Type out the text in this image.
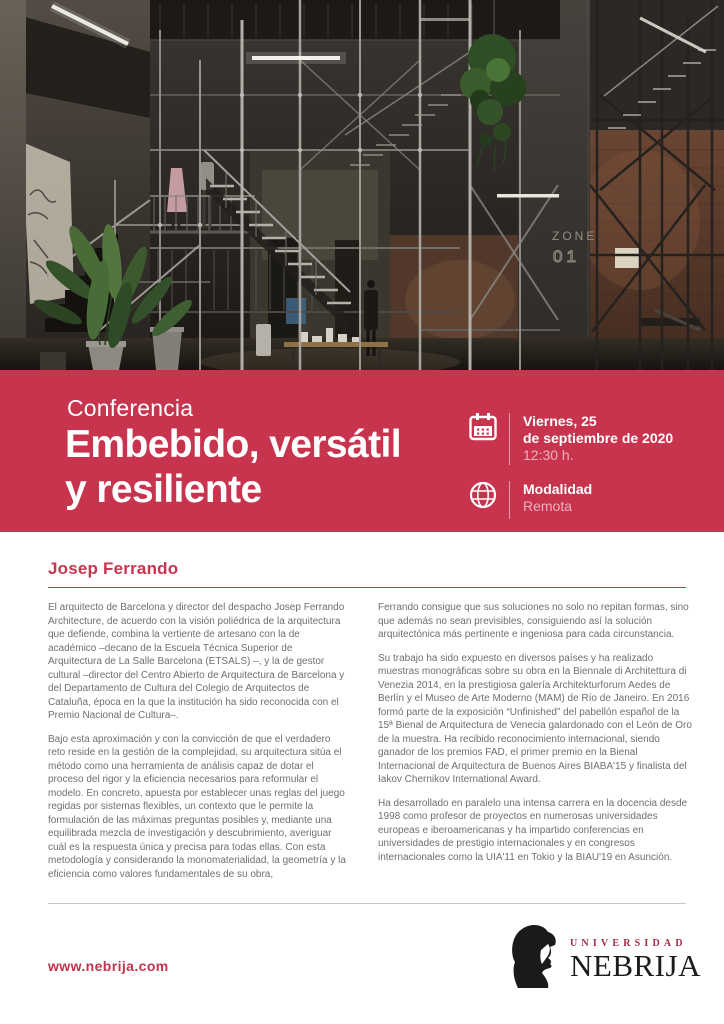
ZONE
01
Conferencia
Embebido, versátil
y resiliente
Viernes, 25
de septiembre de 2020
12:30 h.
Modalidad
Remota
Josep Ferrando

El arquitecto de Barcelona y director del despacho Josep Ferrando Architecture, de acuerdo con la visión poliédrica de la arquitectura que defiende, combina la vertiente de artesano con la de académico –decano de la Escuela Técnica Superior de Arquitectura de La Salle Barcelona (ETSALS) –, y la de gestor cultural –director del Centro Abierto de Arquitectura de Barcelona y del Departamento de Cultura del Colegio de Arquitectos de Cataluña, época en la que la institución ha sido reconocida con el Premio Nacional de Cultura–.

Bajo esta aproximación y con la convicción de que el verdadero reto reside en la gestión de la complejidad, su arquitectura sitúa el método como una herramienta de análisis capaz de dotar el proceso del rigor y la eficiencia necesarios para reformular el modelo. En concreto, apuesta por establecer unas reglas del juego regidas por sistemas flexibles, un contexto que le permite la formulación de las máximas preguntas posibles y, mediante una equilibrada mezcla de investigación y descubrimiento, averiguar cuál es la respuesta única y precisa para todas ellas. Con esta metodología y considerando la monomaterialidad, la geometría y la eficiencia como valores fundamentales de su obra,

Ferrando consigue que sus soluciones no solo no repitan formas, sino que además no sean previsibles, consiguiendo así la solución arquitectónica más pertinente e ingeniosa para cada circunstancia.

Su trabajo ha sido expuesto en diversos países y ha realizado muestras monográficas sobre su obra en la Biennale di Architettura di Venezia 2014, en la prestigiosa galería Architekturforum Aedes de Berlín y el Museo de Arte Moderno (MAM) de Río de Janeiro. En 2016 formó parte de la exposición “Unfinished” del pabellón español de la 15ª Bienal de Arquitectura de Venecia galardonado con el León de Oro de la muestra. Ha recibido reconocimiento internacional, siendo ganador de los premios FAD, el primer premio en la Bienal Internacional de Arquitectura de Buenos Aires BIABA'15 y finalista del Iakov Chernikov International Award.

Ha desarrollado en paralelo una intensa carrera en la docencia desde 1998 como profesor de proyectos en numerosas universidades europeas e iberoamericanas y ha impartido conferencias en universidades de prestigio internacionales y en congresos internacionales como la UIA'11 en Tokio y la BIAU'19 en Asunción.

www.nebrija.com
UNIVERSIDAD
NEBRIJA
